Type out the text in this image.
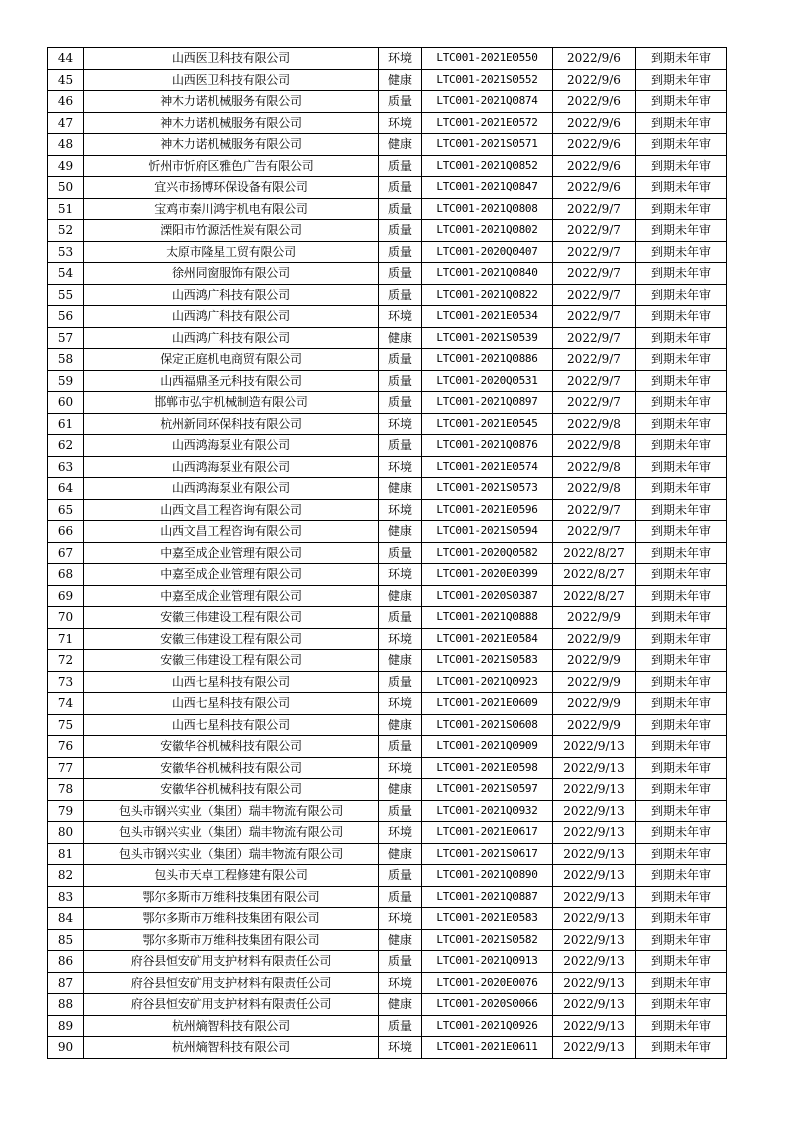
44	山西医卫科技有限公司	环境	LTC001-2021E0550	2022/9/6	到期未年审
45	山西医卫科技有限公司	健康	LTC001-2021S0552	2022/9/6	到期未年审
46	神木力诺机械服务有限公司	质量	LTC001-2021Q0874	2022/9/6	到期未年审
47	神木力诺机械服务有限公司	环境	LTC001-2021E0572	2022/9/6	到期未年审
48	神木力诺机械服务有限公司	健康	LTC001-2021S0571	2022/9/6	到期未年审
49	忻州市忻府区雅色广告有限公司	质量	LTC001-2021Q0852	2022/9/6	到期未年审
50	宜兴市扬博环保设备有限公司	质量	LTC001-2021Q0847	2022/9/6	到期未年审
51	宝鸡市秦川鸿宇机电有限公司	质量	LTC001-2021Q0808	2022/9/7	到期未年审
52	溧阳市竹源活性炭有限公司	质量	LTC001-2021Q0802	2022/9/7	到期未年审
53	太原市隆星工贸有限公司	质量	LTC001-2020Q0407	2022/9/7	到期未年审
54	徐州同窗服饰有限公司	质量	LTC001-2021Q0840	2022/9/7	到期未年审
55	山西鸿广科技有限公司	质量	LTC001-2021Q0822	2022/9/7	到期未年审
56	山西鸿广科技有限公司	环境	LTC001-2021E0534	2022/9/7	到期未年审
57	山西鸿广科技有限公司	健康	LTC001-2021S0539	2022/9/7	到期未年审
58	保定正庭机电商贸有限公司	质量	LTC001-2021Q0886	2022/9/7	到期未年审
59	山西福鼎圣元科技有限公司	质量	LTC001-2020Q0531	2022/9/7	到期未年审
60	邯郸市弘宇机械制造有限公司	质量	LTC001-2021Q0897	2022/9/7	到期未年审
61	杭州新同环保科技有限公司	环境	LTC001-2021E0545	2022/9/8	到期未年审
62	山西鸿海泵业有限公司	质量	LTC001-2021Q0876	2022/9/8	到期未年审
63	山西鸿海泵业有限公司	环境	LTC001-2021E0574	2022/9/8	到期未年审
64	山西鸿海泵业有限公司	健康	LTC001-2021S0573	2022/9/8	到期未年审
65	山西文昌工程咨询有限公司	环境	LTC001-2021E0596	2022/9/7	到期未年审
66	山西文昌工程咨询有限公司	健康	LTC001-2021S0594	2022/9/7	到期未年审
67	中嘉至成企业管理有限公司	质量	LTC001-2020Q0582	2022/8/27	到期未年审
68	中嘉至成企业管理有限公司	环境	LTC001-2020E0399	2022/8/27	到期未年审
69	中嘉至成企业管理有限公司	健康	LTC001-2020S0387	2022/8/27	到期未年审
70	安徽三伟建设工程有限公司	质量	LTC001-2021Q0888	2022/9/9	到期未年审
71	安徽三伟建设工程有限公司	环境	LTC001-2021E0584	2022/9/9	到期未年审
72	安徽三伟建设工程有限公司	健康	LTC001-2021S0583	2022/9/9	到期未年审
73	山西七星科技有限公司	质量	LTC001-2021Q0923	2022/9/9	到期未年审
74	山西七星科技有限公司	环境	LTC001-2021E0609	2022/9/9	到期未年审
75	山西七星科技有限公司	健康	LTC001-2021S0608	2022/9/9	到期未年审
76	安徽华谷机械科技有限公司	质量	LTC001-2021Q0909	2022/9/13	到期未年审
77	安徽华谷机械科技有限公司	环境	LTC001-2021E0598	2022/9/13	到期未年审
78	安徽华谷机械科技有限公司	健康	LTC001-2021S0597	2022/9/13	到期未年审
79	包头市钢兴实业（集团）瑞丰物流有限公司	质量	LTC001-2021Q0932	2022/9/13	到期未年审
80	包头市钢兴实业（集团）瑞丰物流有限公司	环境	LTC001-2021E0617	2022/9/13	到期未年审
81	包头市钢兴实业（集团）瑞丰物流有限公司	健康	LTC001-2021S0617	2022/9/13	到期未年审
82	包头市天卓工程修建有限公司	质量	LTC001-2021Q0890	2022/9/13	到期未年审
83	鄂尔多斯市万维科技集团有限公司	质量	LTC001-2021Q0887	2022/9/13	到期未年审
84	鄂尔多斯市万维科技集团有限公司	环境	LTC001-2021E0583	2022/9/13	到期未年审
85	鄂尔多斯市万维科技集团有限公司	健康	LTC001-2021S0582	2022/9/13	到期未年审
86	府谷县恒安矿用支护材料有限责任公司	质量	LTC001-2021Q0913	2022/9/13	到期未年审
87	府谷县恒安矿用支护材料有限责任公司	环境	LTC001-2020E0076	2022/9/13	到期未年审
88	府谷县恒安矿用支护材料有限责任公司	健康	LTC001-2020S0066	2022/9/13	到期未年审
89	杭州熵智科技有限公司	质量	LTC001-2021Q0926	2022/9/13	到期未年审
90	杭州熵智科技有限公司	环境	LTC001-2021E0611	2022/9/13	到期未年审
